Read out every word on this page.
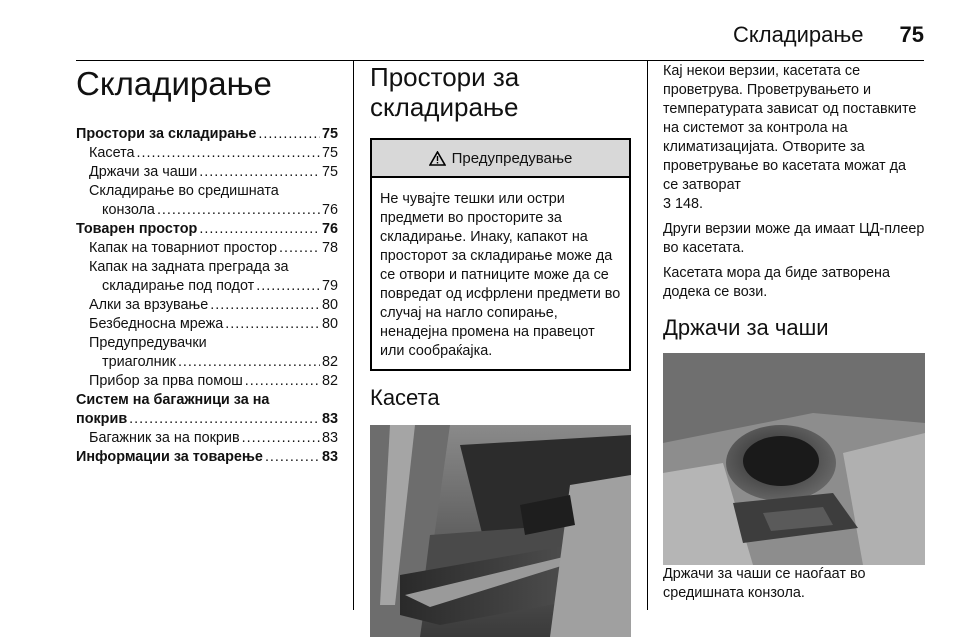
Складирање 75
Складирање
Простори за складирање .....	75
Касета .....	75
Држачи за чаши .....	75
Складирање во средишната
конзола .....	76
Товарен простор .....	76
Капак на товарниот простор .....	78
Капак на задната преграда за
складирање под подот .....	79
Алки за врзување .....	80
Безбедносна мрежа .....	80
Предупредувачки
триаголник .....	82
Прибор за прва помош .....	82
Систем на багажници за на
покрив .....	83
Багажник за на покрив .....	83
Информации за товарење .....	83
Простори за складирање
Предупредување
Не чувајте тешки или остри предмети во просторите за складирање. Инаку, капакот на просторот за складирање може да се отвори и патниците може да се повредат од исфрлени предмети во случај на нагло сопирање, ненадејна промена на правецот или сообраќајка.
Касета

Кај некои верзии, касетата се проветрува. Проветрувањето и температурата зависат од поставките на системот за контрола на климатизацијата. Отворите за проветрување во касетата можат да се затворат
3 148.

Други верзии може да имаат ЦД-плеер во касетата.

Касетата мора да биде затворена додека се вози.

Држачи за чаши

Држачи за чаши се наоѓаат во средишната конзола.
